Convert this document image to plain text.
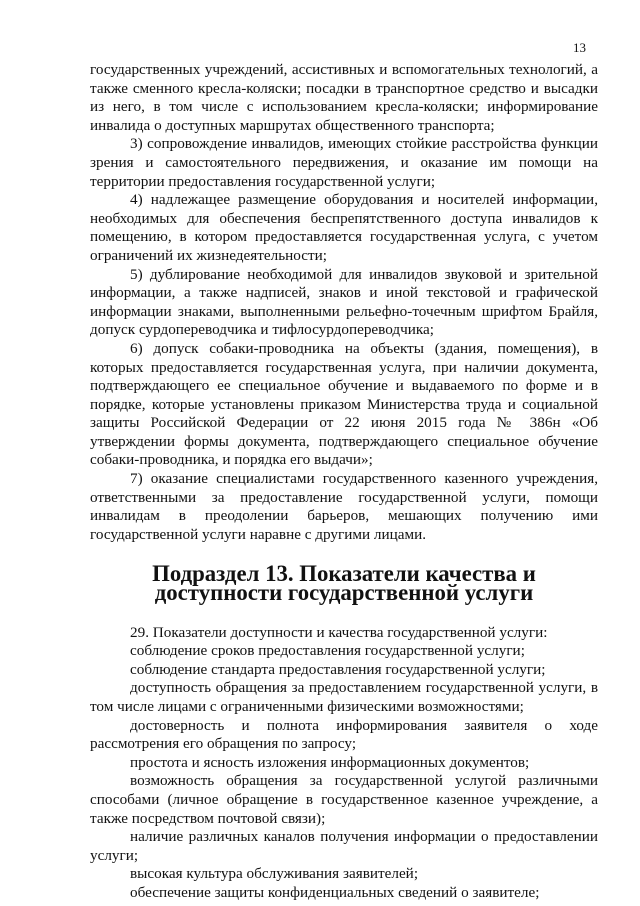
13

государственных учреждений, ассистивных и вспомогательных технологий, а также сменного кресла-коляски; посадки в транспортное средство и высадки из него, в том числе с использованием кресла-коляски; информирование инвалида о доступных маршрутах общественного транспорта;

3) сопровождение инвалидов, имеющих стойкие расстройства функции зрения и самостоятельного передвижения, и оказание им помощи на территории предоставления государственной услуги;

4) надлежащее размещение оборудования и носителей информации, необходимых для обеспечения беспрепятственного доступа инвалидов к помещению, в котором предоставляется государственная услуга, с учетом ограничений их жизнедеятельности;

5) дублирование необходимой для инвалидов звуковой и зрительной информации, а также надписей, знаков и иной текстовой и графической информации знаками, выполненными рельефно-точечным шрифтом Брайля, допуск сурдопереводчика и тифлосурдопереводчика;

6) допуск собаки-проводника на объекты (здания, помещения), в которых предоставляется государственная услуга, при наличии документа, подтверждающего ее специальное обучение и выдаваемого по форме и в порядке, которые установлены приказом Министерства труда и социальной защиты Российской Федерации от 22 июня 2015 года № 386н «Об утверждении формы документа, подтверждающего специальное обучение собаки-проводника, и порядка его выдачи»;

7) оказание специалистами государственного казенного учреждения, ответственными за предоставление государственной услуги, помощи инвалидам в преодолении барьеров, мешающих получению ими государственной услуги наравне с другими лицами.

Подраздел 13. Показатели качества и доступности государственной услуги

29. Показатели доступности и качества государственной услуги:

соблюдение сроков предоставления государственной услуги;

соблюдение стандарта предоставления государственной услуги;

доступность обращения за предоставлением государственной услуги, в том числе лицами с ограниченными физическими возможностями;

достоверность и полнота информирования заявителя о ходе рассмотрения его обращения по запросу;

простота и ясность изложения информационных документов;

возможность обращения за государственной услугой различными способами (личное обращение в государственное казенное учреждение, а также посредством почтовой связи);

наличие различных каналов получения информации о предоставлении услуги;

высокая культура обслуживания заявителей;

обеспечение защиты конфиденциальных сведений о заявителе;
